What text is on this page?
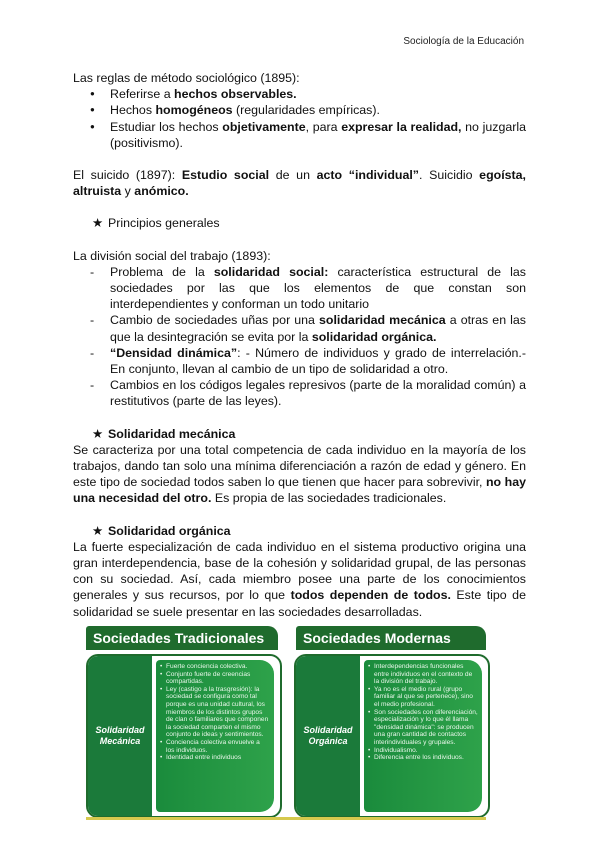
Sociología de la Educación

Las reglas de método sociológico (1895):

● Referirse a hechos observables.
● Hechos homogéneos (regularidades empíricas).
● Estudiar los hechos objetivamente, para expresar la realidad, no juzgarla (positivismo).

El suicido (1897): Estudio social de un acto “individual”. Suicidio egoísta, altruista y anómico.

★ Principios generales

La división social del trabajo (1893):

- Problema de la solidaridad social: característica estructural de las sociedades por las que los elementos de que constan son interdependientes y conforman un todo unitario
- Cambio de sociedades uñas por una solidaridad mecánica a otras en las que la desintegración se evita por la solidaridad orgánica.
- “Densidad dinámica”: - Número de individuos y grado de interrelación.- En conjunto, llevan al cambio de un tipo de solidaridad a otro.
- Cambios en los códigos legales represivos (parte de la moralidad común) a restitutivos (parte de las leyes).

★ Solidaridad mecánica

Se caracteriza por una total competencia de cada individuo en la mayoría de los trabajos, dando tan solo una mínima diferenciación a razón de edad y género. En este tipo de sociedad todos saben lo que tienen que hacer para sobrevivir, no hay una necesidad del otro. Es propia de las sociedades tradicionales.

★ Solidaridad orgánica

La fuerte especialización de cada individuo en el sistema productivo origina una gran interdependencia, base de la cohesión y solidaridad grupal, de las personas con su sociedad. Así, cada miembro posee una parte de los conocimientos generales y sus recursos, por lo que todos dependen de todos. Este tipo de solidaridad se suele presentar en las sociedades desarrolladas.

Sociedades Tradicionales	Sociedades Modernas
Solidaridad
Mecánica
• Fuerte conciencia colectiva.
• Conjunto fuerte de creencias compartidas.
• Ley (castigo a la trasgresión): la sociedad se configura como tal porque es una unidad cultural, los miembros de los distintos grupos de clan o familiares que componen la sociedad comparten el mismo conjunto de ideas y sentimientos.
• Conciencia colectiva envuelve a los individuos.
• Identidad entre individuos
Solidaridad
Orgánica
• Interdependencias funcionales entre individuos en el contexto de la división del trabajo.
• Ya no es el medio rural (grupo familiar al que se pertenece), sino el medio profesional.
• Son sociedades con diferenciación, especialización y lo que él llama "densidad dinámica": se producen una gran cantidad de contactos interindividuales y grupales.
• Individualismo.
• Diferencia entre los individuos.
